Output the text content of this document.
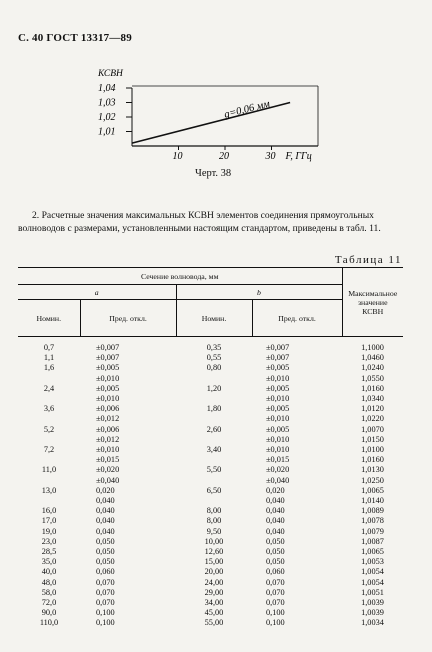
С. 40 ГОСТ 13317—89
1,04
1,03
1,02
1,01
10	20	30
КСВН
F, ГГц
g=0,06 мм
Черт. 38
2. Расчетные значения максимальных КСВН элементов соединения прямоугольных волноводов с размерами, установленными настоящим стандартом, приведены в табл. 11.
Таблица 11
Сечение волновода, мм				Максимальное
значение
КСВН
a		b		
Номин.	Пред. откл.	Номин.	Пред. откл.	
0,7	±0,007	0,35	±0,007	1,1000
1,1	±0,007	0,55	±0,007	1,0460
1,6	±0,005	0,80	±0,005	1,0240
	±0,010		±0,010	1,0550
2,4	±0,005	1,20	±0,005	1,0160
	±0,010		±0,010	1,0340
3,6	±0,006	1,80	±0,005	1,0120
	±0,012		±0,010	1,0220
5,2	±0,006	2,60	±0,005	1,0070
	±0,012		±0,010	1,0150
7,2	±0,010	3,40	±0,010	1,0100
	±0,015		±0,015	1,0160
11,0	±0,020	5,50	±0,020	1,0130
	±0,040		±0,040	1,0250
13,0	0,020	6,50	0,020	1,0065
	0,040		0,040	1,0140
16,0	0,040	8,00	0,040	1,0089
17,0	0,040	8,00	0,040	1,0078
19,0	0,040	9,50	0,040	1,0079
23,0	0,050	10,00	0,050	1,0087
28,5	0,050	12,60	0,050	1,0065
35,0	0,050	15,00	0,050	1,0053
40,0	0,060	20,00	0,060	1,0054
48,0	0,070	24,00	0,070	1,0054
58,0	0,070	29,00	0,070	1,0051
72,0	0,070	34,00	0,070	1,0039
90,0	0,100	45,00	0,100	1,0039
110,0	0,100	55,00	0,100	1,0034
